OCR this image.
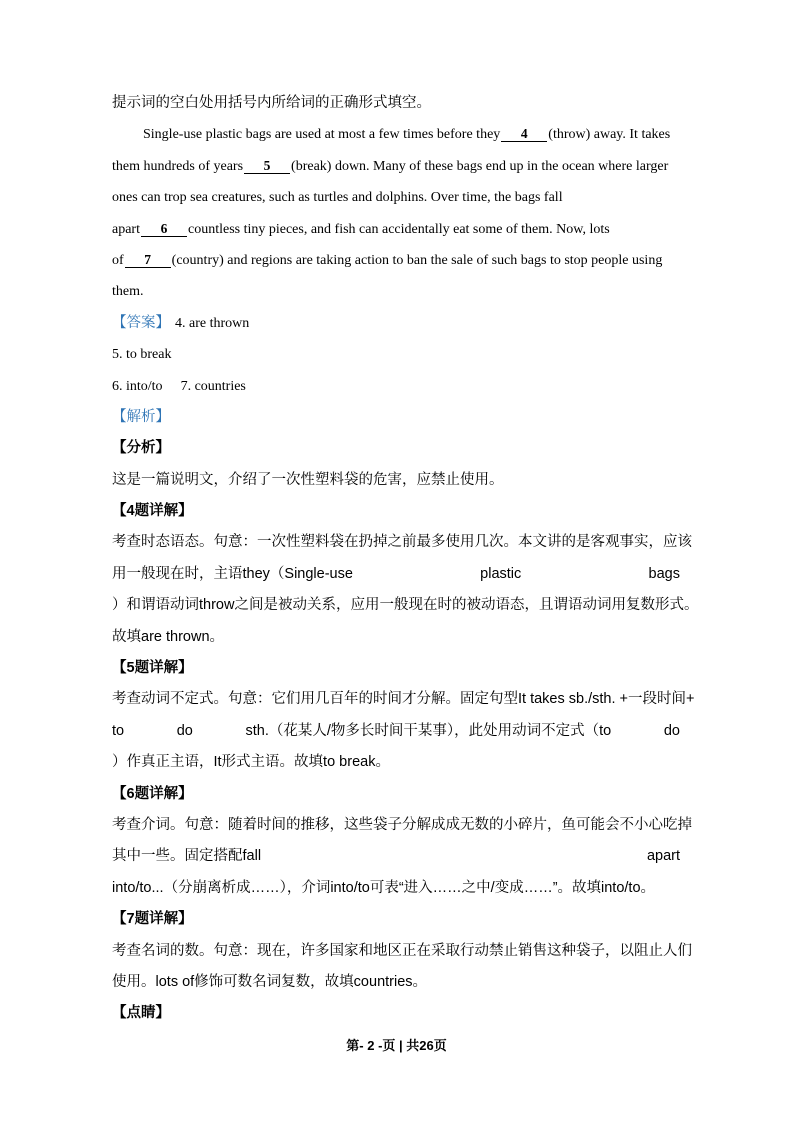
提示词的空白处用括号内所给词的正确形式填空。
Single-use plastic bags are used at most a few times before they 4 (throw) away. It takes
them hundreds of years 5 (break) down. Many of these bags end up in the ocean where larger
ones can trop sea creatures, such as turtles and dolphins. Over time, the bags fall
apart 6 countless tiny pieces, and fish can accidentally eat some of them. Now, lots
of 7 (country) and regions are taking action to ban the sale of such bags to stop people using
them.
【答案】 4. are thrown
5. to break
6. into/to 7. countries
【解析】
【分析】
这是一篇说明文，介绍了一次性塑料袋的危害，应禁止使用。
【4题详解】
考查时态语态。句意：一次性塑料袋在扔掉之前最多使用几次。本文讲的是客观事实，应该
用一般现在时，主语they（Single-use	plastic	bags
）和谓语动词throw之间是被动关系，应用一般现在时的被动语态，且谓语动词用复数形式。
故填are thrown。
【5题详解】
考查动词不定式。句意：它们用几百年的时间才分解。固定句型It takes sb./sth. +一段时间+
to	do	sth.（花某人/物多长时间干某事），此处用动词不定式（to	do
）作真正主语，It形式主语。故填to break。
【6题详解】
考查介词。句意：随着时间的推移，这些袋子分解成成无数的小碎片，鱼可能会不小心吃掉
其中一些。固定搭配fall	apart
into/to...（分崩离析成……），介词into/to可表“进入……之中/变成……”。故填into/to。
【7题详解】
考查名词的数。句意：现在，许多国家和地区正在采取行动禁止销售这种袋子，以阻止人们
使用。lots of修饰可数名词复数，故填countries。
【点睛】
第- 2 -页 | 共26页
